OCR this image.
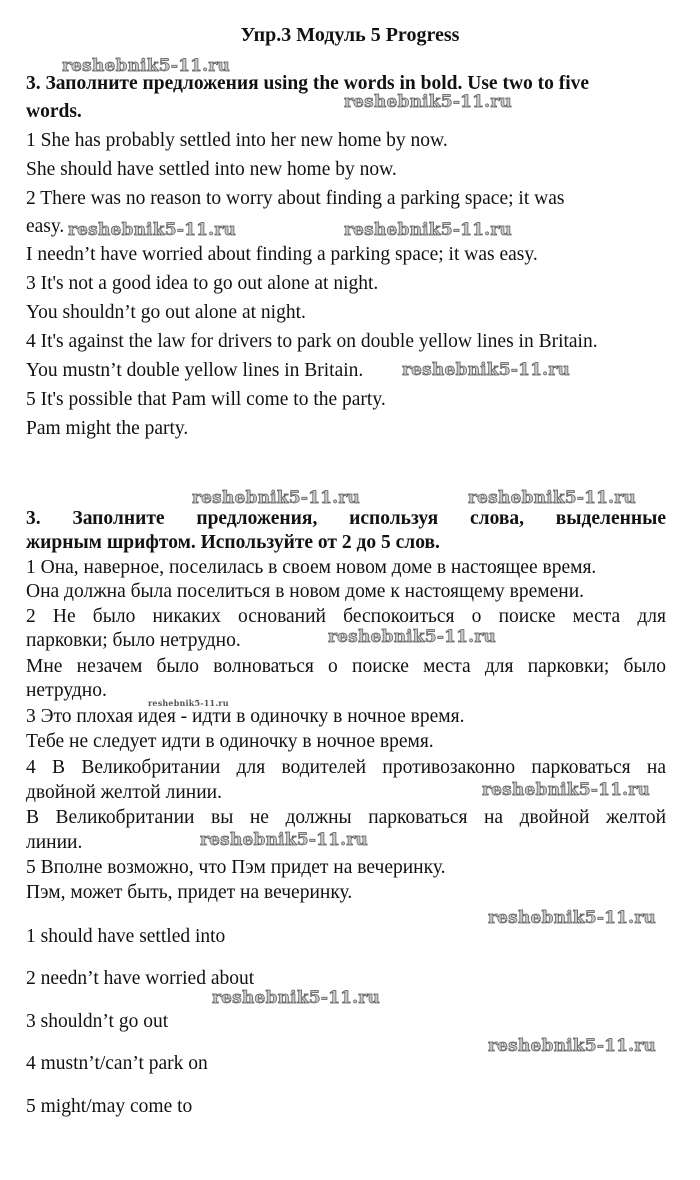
Упр.3 Модуль 5 Progress
3. Заполните предложения using the words in bold. Use two to five
words.
1 She has probably settled into her new home by now.
She should have settled into new home by now.
2 There was no reason to worry about finding a parking space; it was
easy.
I needn’t have worried about finding a parking space; it was easy.
3 It's not a good idea to go out alone at night.
You shouldn’t go out alone at night.
4 It's against the law for drivers to park on double yellow lines in Britain.
You mustn’t double yellow lines in Britain.
5 It's possible that Pam will come to the party.
Pam might the party.
3. Заполните предложения, используя слова, выделенные
жирным шрифтом. Используйте от 2 до 5 слов.
1 Она, наверное, поселилась в своем новом доме в настоящее время.
Она должна была поселиться в новом доме к настоящему времени.
2 Не было никаких оснований беспокоиться о поиске места для
парковки; было нетрудно.
Мне незачем было волноваться о поиске места для парковки; было
нетрудно.
3 Это плохая идея - идти в одиночку в ночное время.
Тебе не следует идти в одиночку в ночное время.
4 В Великобритании для водителей противозаконно парковаться на
двойной желтой линии.
В Великобритании вы не должны парковаться на двойной желтой
линии.
5 Вполне возможно, что Пэм придет на вечеринку.
Пэм, может быть, придет на вечеринку.
1 should have settled into
2 needn’t have worried about
3 shouldn’t go out
4 mustn’t/can’t park on
5 might/may come to
reshebnik5-11.ru
reshebnik5-11.ru
reshebnik5-11.ru	reshebnik5-11.ru
reshebnik5-11.ru
reshebnik5-11.ru	reshebnik5-11.ru
reshebnik5-11.ru
reshebnik5-11.ru
reshebnik5-11.ru
reshebnik5-11.ru
reshebnik5-11.ru
reshebnik5-11.ru
reshebnik5-11.ru
